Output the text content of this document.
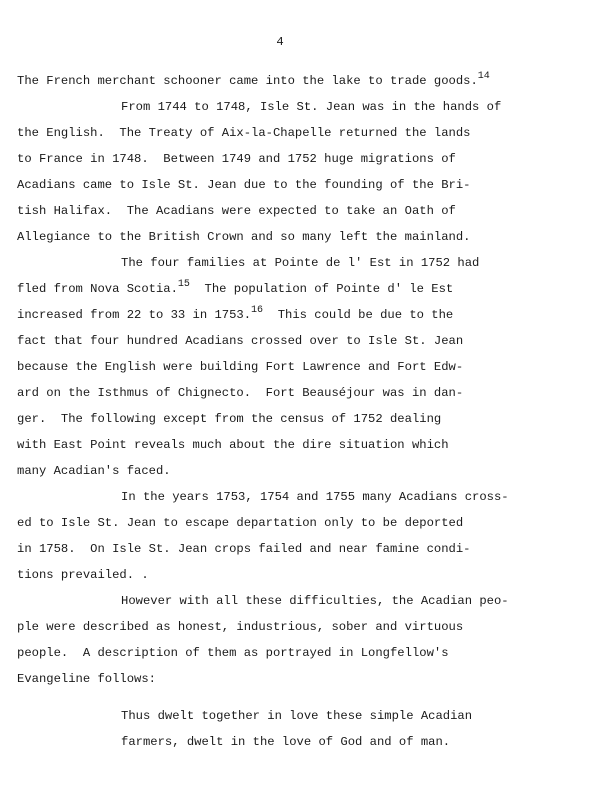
4
The French merchant schooner came into the lake to trade goods.$^{14}$
From 1744 to 1748, Isle St. Jean was in the hands of
the English.  The Treaty of Aix-la-Chapelle returned the lands
to France in 1748.  Between 1749 and 1752 huge migrations of
Acadians came to Isle St. Jean due to the founding of the Bri-
tish Halifax.  The Acadians were expected to take an Oath of
Allegiance to the British Crown and so many left the mainland.
The four families at Pointe de l' Est in 1752 had
fled from Nova Scotia.$^{15}$  The population of Pointe d' le Est
increased from 22 to 33 in 1753.16  This could be due to the
fact that four hundred Acadians crossed over to Isle St. Jean
because the English were building Fort Lawrence and Fort Edw-
ard on the Isthmus of Chignecto.  Fort Beauséjour was in dan-
ger.  The following except from the census of 1752 dealing
with East Point reveals much about the dire situation which
many Acadian's faced.
In the years 1753, 1754 and 1755 many Acadians cross-
ed to Isle St. Jean to escape departation only to be deported
in 1758.  On Isle St. Jean crops failed and near famine condi-
tions prevailed. .
However with all these difficulties, the Acadian peo-
ple were described as honest, industrious, sober and virtuous
people.  A description of them as portrayed in Longfellow's
Evangeline follows:
Thus dwelt together in love these simple Acadian
farmers, dwelt in the love of God and of man.
